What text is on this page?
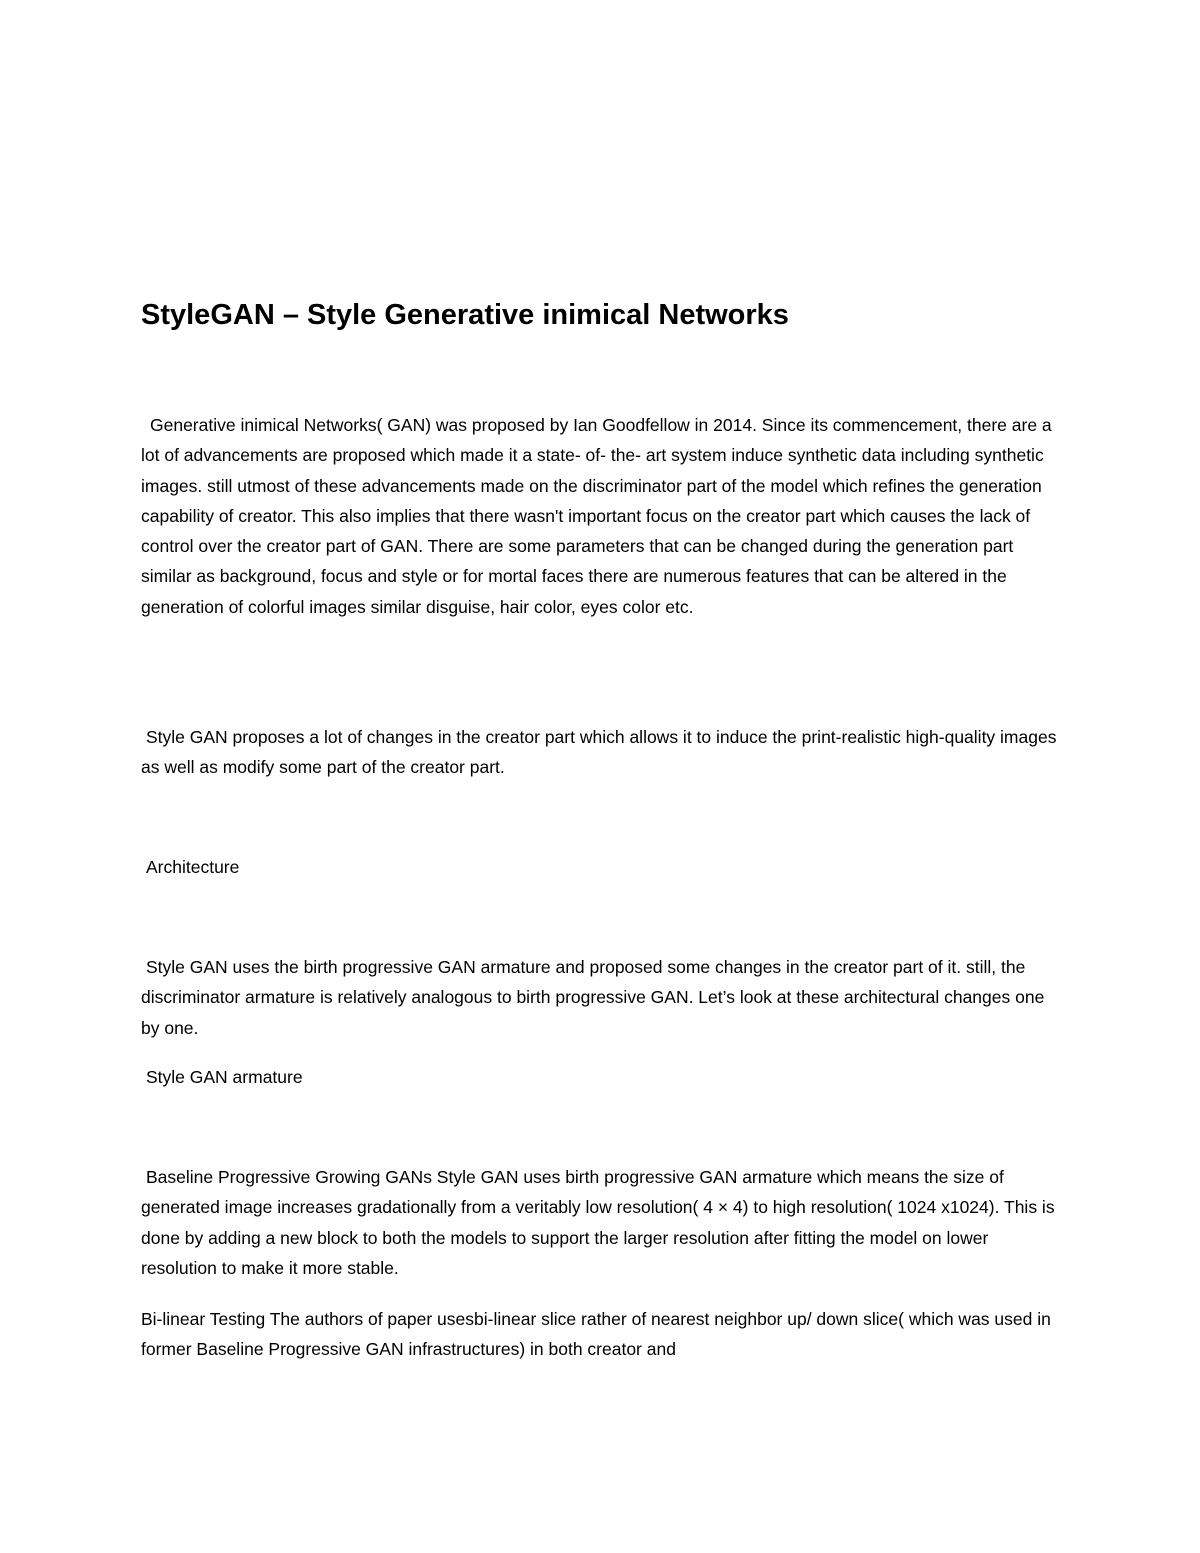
StyleGAN – Style Generative inimical Networks

Generative inimical Networks( GAN) was proposed by Ian Goodfellow in 2014. Since its commencement, there are a lot of advancements are proposed which made it a state- of- the- art system induce synthetic data including synthetic images. still utmost of these advancements made on the discriminator part of the model which refines the generation capability of creator. This also implies that there wasn't important focus on the creator part which causes the lack of control over the creator part of GAN. There are some parameters that can be changed during the generation part similar as background, focus and style or for mortal faces there are numerous features that can be altered in the generation of colorful images similar disguise, hair color, eyes color etc.

Style GAN proposes a lot of changes in the creator part which allows it to induce the print-realistic high-quality images as well as modify some part of the creator part.

Architecture

Style GAN uses the birth progressive GAN armature and proposed some changes in the creator part of it. still, the discriminator armature is relatively analogous to birth progressive GAN. Let’s look at these architectural changes one by one.

Style GAN armature

Baseline Progressive Growing GANs Style GAN uses birth progressive GAN armature which means the size of generated image increases gradationally from a veritably low resolution( 4 × 4) to high resolution( 1024 x1024). This is done by adding a new block to both the models to support the larger resolution after fitting the model on lower resolution to make it more stable.

Bi-linear Testing The authors of paper usesbi-linear slice rather of nearest neighbor up/ down slice( which was used in former Baseline Progressive GAN infrastructures) in both creator and
